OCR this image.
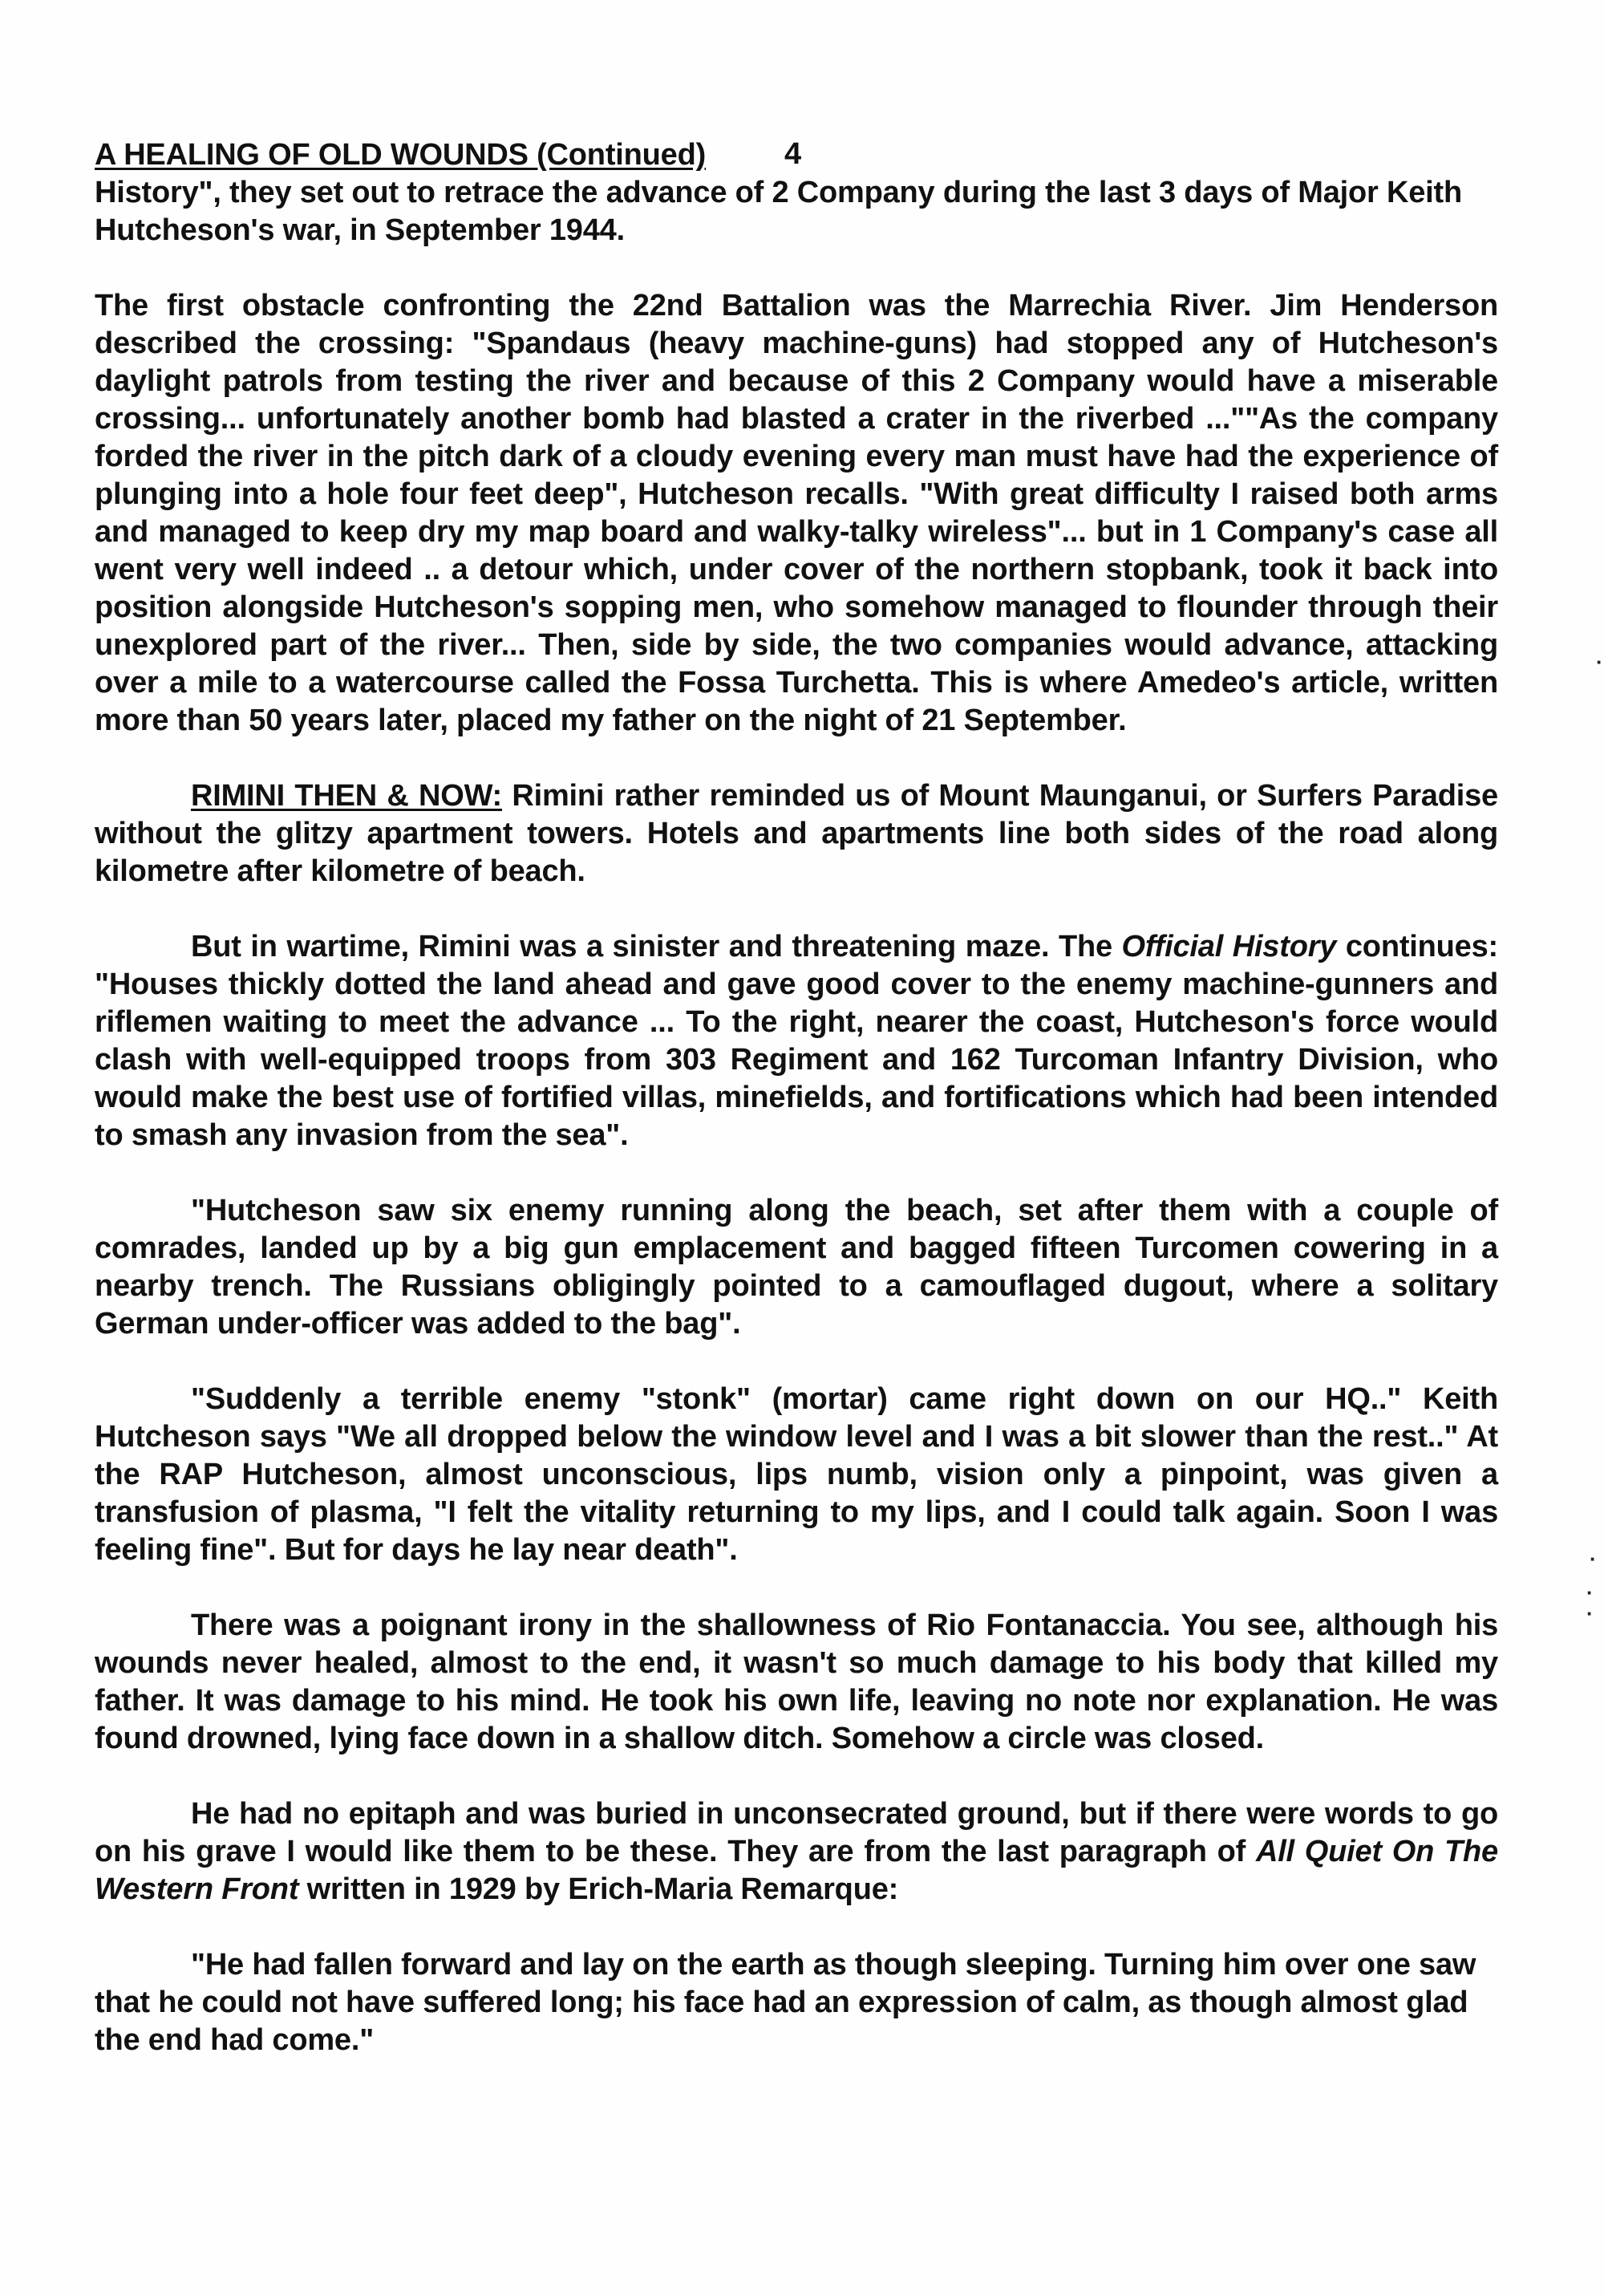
4
A HEALING OF OLD WOUNDS (Continued)

History", they set out to retrace the advance of 2 Company during the last 3 days of Major Keith Hutcheson's war, in September 1944.

The first obstacle confronting the 22nd Battalion was the Marrechia River. Jim Henderson described the crossing: "Spandaus (heavy machine-guns) had stopped any of Hutcheson's daylight patrols from testing the river and because of this 2 Company would have a miserable crossing... unfortunately another bomb had blasted a crater in the riverbed ...""As the company forded the river in the pitch dark of a cloudy evening every man must have had the experience of plunging into a hole four feet deep", Hutcheson recalls. "With great difficulty I raised both arms and managed to keep dry my map board and walky-talky wireless"... but in 1 Company's case all went very well indeed .. a detour which, under cover of the northern stopbank, took it back into position alongside Hutcheson's sopping men, who somehow managed to flounder through their unexplored part of the river... Then, side by side, the two companies would advance, attacking over a mile to a watercourse called the Fossa Turchetta. This is where Amedeo's article, written more than 50 years later, placed my father on the night of 21 September.

RIMINI THEN & NOW: Rimini rather reminded us of Mount Maunganui, or Surfers Paradise without the glitzy apartment towers. Hotels and apartments line both sides of the road along kilometre after kilometre of beach.

But in wartime, Rimini was a sinister and threatening maze. The Official History continues: "Houses thickly dotted the land ahead and gave good cover to the enemy machine-gunners and riflemen waiting to meet the advance ... To the right, nearer the coast, Hutcheson's force would clash with well-equipped troops from 303 Regiment and 162 Turcoman Infantry Division, who would make the best use of fortified villas, minefields, and fortifications which had been intended to smash any invasion from the sea".

"Hutcheson saw six enemy running along the beach, set after them with a couple of comrades, landed up by a big gun emplacement and bagged fifteen Turcomen cowering in a nearby trench. The Russians obligingly pointed to a camouflaged dugout, where a solitary German under-officer was added to the bag".

"Suddenly a terrible enemy "stonk" (mortar) came right down on our HQ.." Keith Hutcheson says "We all dropped below the window level and I was a bit slower than the rest.." At the RAP Hutcheson, almost unconscious, lips numb, vision only a pinpoint, was given a transfusion of plasma, "I felt the vitality returning to my lips, and I could talk again. Soon I was feeling fine". But for days he lay near death".

There was a poignant irony in the shallowness of Rio Fontanaccia. You see, although his wounds never healed, almost to the end, it wasn't so much damage to his body that killed my father. It was damage to his mind. He took his own life, leaving no note nor explanation. He was found drowned, lying face down in a shallow ditch. Somehow a circle was closed.

He had no epitaph and was buried in unconsecrated ground, but if there were words to go on his grave I would like them to be these. They are from the last paragraph of All Quiet On The Western Front written in 1929 by Erich-Maria Remarque:

"He had fallen forward and lay on the earth as though sleeping. Turning him over one saw that he could not have suffered long; his face had an expression of calm, as though almost glad the end had come."

·
·
·
·
